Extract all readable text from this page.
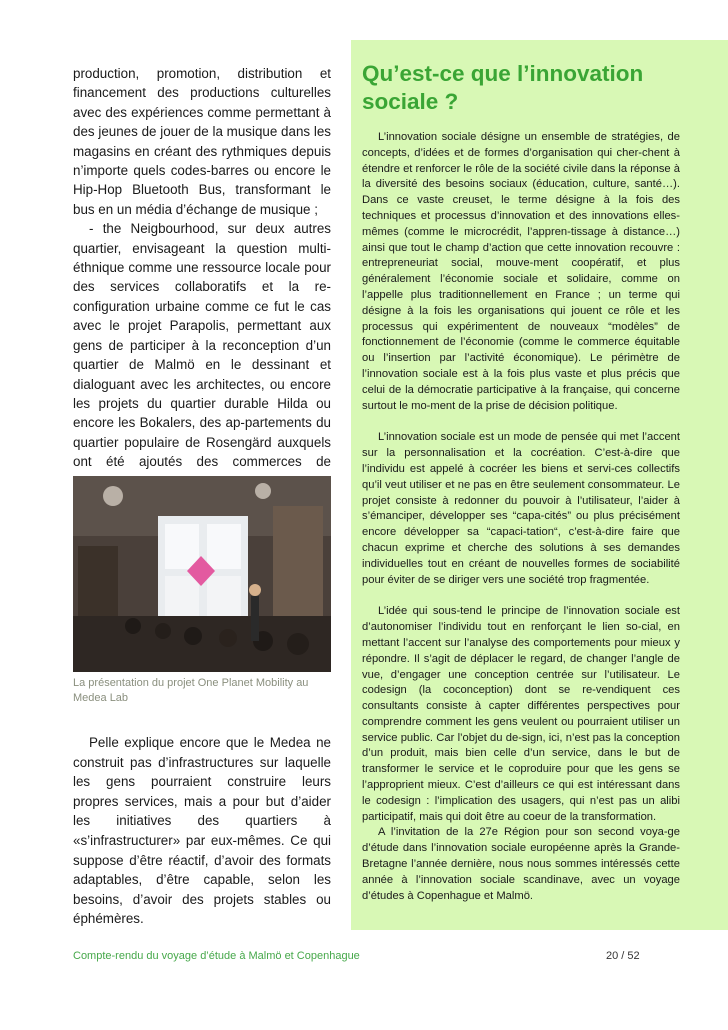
production, promotion, distribution et financement des productions culturelles avec des expériences comme permettant à des jeunes de jouer de la musique dans les magasins en créant des rythmiques depuis n’importe quels codes-barres ou encore le Hip-Hop Bluetooth Bus, transformant le bus en un média d’échange de musique ;

- the Neigbourhood, sur deux autres quartier, envisageant la question multi-éthnique comme une ressource locale pour des services collaboratifs et la re-configuration urbaine comme ce fut le cas avec le projet Parapolis, permettant aux gens de participer à la reconception d’un quartier de Malmö en le dessinant et dialoguant avec les architectes, ou encore les projets du quartier durable Hilda ou encore les Bokalers, des ap-partements du quartier populaire de Rosengärd auxquels ont été ajoutés des commerces de

La présentation du projet One Planet Mobility au Medea Lab

Pelle explique encore que le Medea ne construit pas d’infrastructures sur laquelle les gens pourraient construire leurs propres services, mais a pour but d’aider les initiatives des quartiers à «s’infrastructurer» par eux-mêmes. Ce qui suppose d’être réactif, d’avoir des formats adaptables, d’être capable, selon les besoins, d’avoir des projets stables ou éphémères.

Qu’est-ce que l’innovation sociale ?

L’innovation sociale désigne un ensemble de stratégies, de concepts, d’idées et de formes d’organisation qui cher-chent à étendre et renforcer le rôle de la société civile dans la réponse à la diversité des besoins sociaux (éducation, culture, santé…). Dans ce vaste creuset, le terme désigne à la fois des techniques et processus d’innovation et des innovations elles-mêmes (comme le microcrédit, l’appren-tissage à distance…) ainsi que tout le champ d’action que cette innovation recouvre : entrepreneuriat social, mouve-ment coopératif, et plus généralement l’économie sociale et solidaire, comme on l’appelle plus traditionnellement en France ; un terme qui désigne à la fois les organisations qui jouent ce rôle et les processus qui expérimentent de nouveaux “modèles” de fonctionnement de l’économie (comme le commerce équitable ou l’insertion par l’activité économique). Le périmètre de l’innovation sociale est à la fois plus vaste et plus précis que celui de la démocratie participative à la française, qui concerne surtout le mo-ment de la prise de décision politique.

L’innovation sociale est un mode de pensée qui met l’accent sur la personnalisation et la cocréation. C’est-à-dire que l’individu est appelé à cocréer les biens et servi-ces collectifs qu’il veut utiliser et ne pas en être seulement consommateur. Le projet consiste à redonner du pouvoir à l’utilisateur, l’aider à s’émanciper, développer ses “capa-cités” ou plus précisément encore développer sa “capaci-tation“, c’est-à-dire faire que chacun exprime et cherche des solutions à ses demandes individuelles tout en créant de nouvelles formes de sociabilité pour éviter de se diriger vers une société trop fragmentée.

L’idée qui sous-tend le principe de l’innovation sociale est d’autonomiser l’individu tout en renforçant le lien so-cial, en mettant l’accent sur l’analyse des comportements pour mieux y répondre. Il s’agit de déplacer le regard, de changer l’angle de vue, d’engager une conception centrée sur l’utilisateur. Le codesign (la coconception) dont se re-vendiquent ces consultants consiste à capter différentes perspectives pour comprendre comment les gens veulent ou pourraient utiliser un service public. Car l’objet du de-sign, ici, n’est pas la conception d’un produit, mais bien celle d’un service, dans le but de transformer le service et le coproduire pour que les gens se l’approprient mieux. C’est d’ailleurs ce qui est intéressant dans le codesign : l’implication des usagers, qui n’est pas un alibi participatif, mais qui doit être au coeur de la transformation.

A l’invitation de la 27e Région pour son second voya-ge d’étude dans l’innovation sociale européenne après la Grande-Bretagne l’année dernière, nous nous sommes intéressés cette année à l’innovation sociale scandinave, avec un voyage d’études à Copenhague et Malmö.

Compte-rendu du voyage d’étude à Malmö et Copenhague	20 / 52
